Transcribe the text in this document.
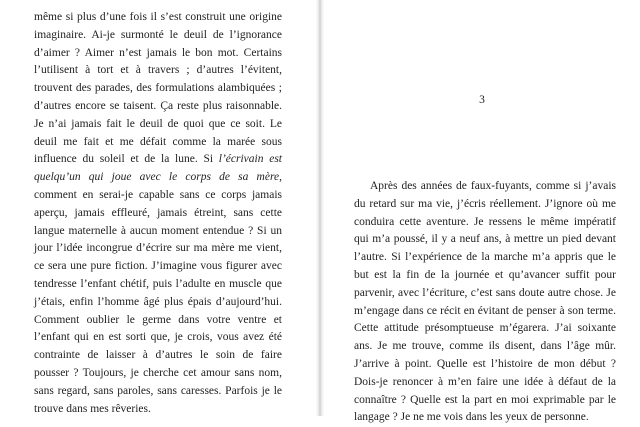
même si plus d’une fois il s’est construit une origine imaginaire. Ai-je surmonté le deuil de l’ignorance d’aimer ? Aimer n’est jamais le bon mot. Certains l’utilisent à tort et à travers ; d’autres l’évitent, trouvent des parades, des formulations alambiquées ; d’autres encore se taisent. Ça reste plus raisonnable. Je n’ai jamais fait le deuil de quoi que ce soit. Le deuil me fait et me défait comme la marée sous influence du soleil et de la lune. Si l’écrivain est quelqu’un qui joue avec le corps de sa mère, comment en serai-je capable sans ce corps jamais aperçu, jamais effleuré, jamais étreint, sans cette langue maternelle à aucun moment entendue ? Si un jour l’idée incongrue d’écrire sur ma mère me vient, ce sera une pure fiction. J’imagine vous figurer avec tendresse l’enfant chétif, puis l’adulte en muscle que j’étais, enfin l’homme âgé plus épais d’aujourd’hui. Comment oublier le germe dans votre ventre et l’enfant qui en est sorti que, je crois, vous avez été contrainte de laisser à d’autres le soin de faire pousser ? Toujours, je cherche cet amour sans nom, sans regard, sans paroles, sans caresses. Parfois je le trouve dans mes rêveries.

3

Après des années de faux-fuyants, comme si j’avais du retard sur ma vie, j’écris réellement. J’ignore où me conduira cette aventure. Je ressens le même impératif qui m’a poussé, il y a neuf ans, à mettre un pied devant l’autre. Si l’expérience de la marche m’a appris que le but est la fin de la journée et qu’avancer suffit pour parvenir, avec l’écriture, c’est sans doute autre chose. Je m’engage dans ce récit en évitant de penser à son terme. Cette attitude présomptueuse m’égarera. J’ai soixante ans. Je me trouve, comme ils disent, dans l’âge mûr. J’arrive à point. Quelle est l’histoire de mon début ? Dois-je renoncer à m’en faire une idée à défaut de la connaître ? Quelle est la part en moi exprimable par le langage ? Je ne me vois dans les yeux de personne.
